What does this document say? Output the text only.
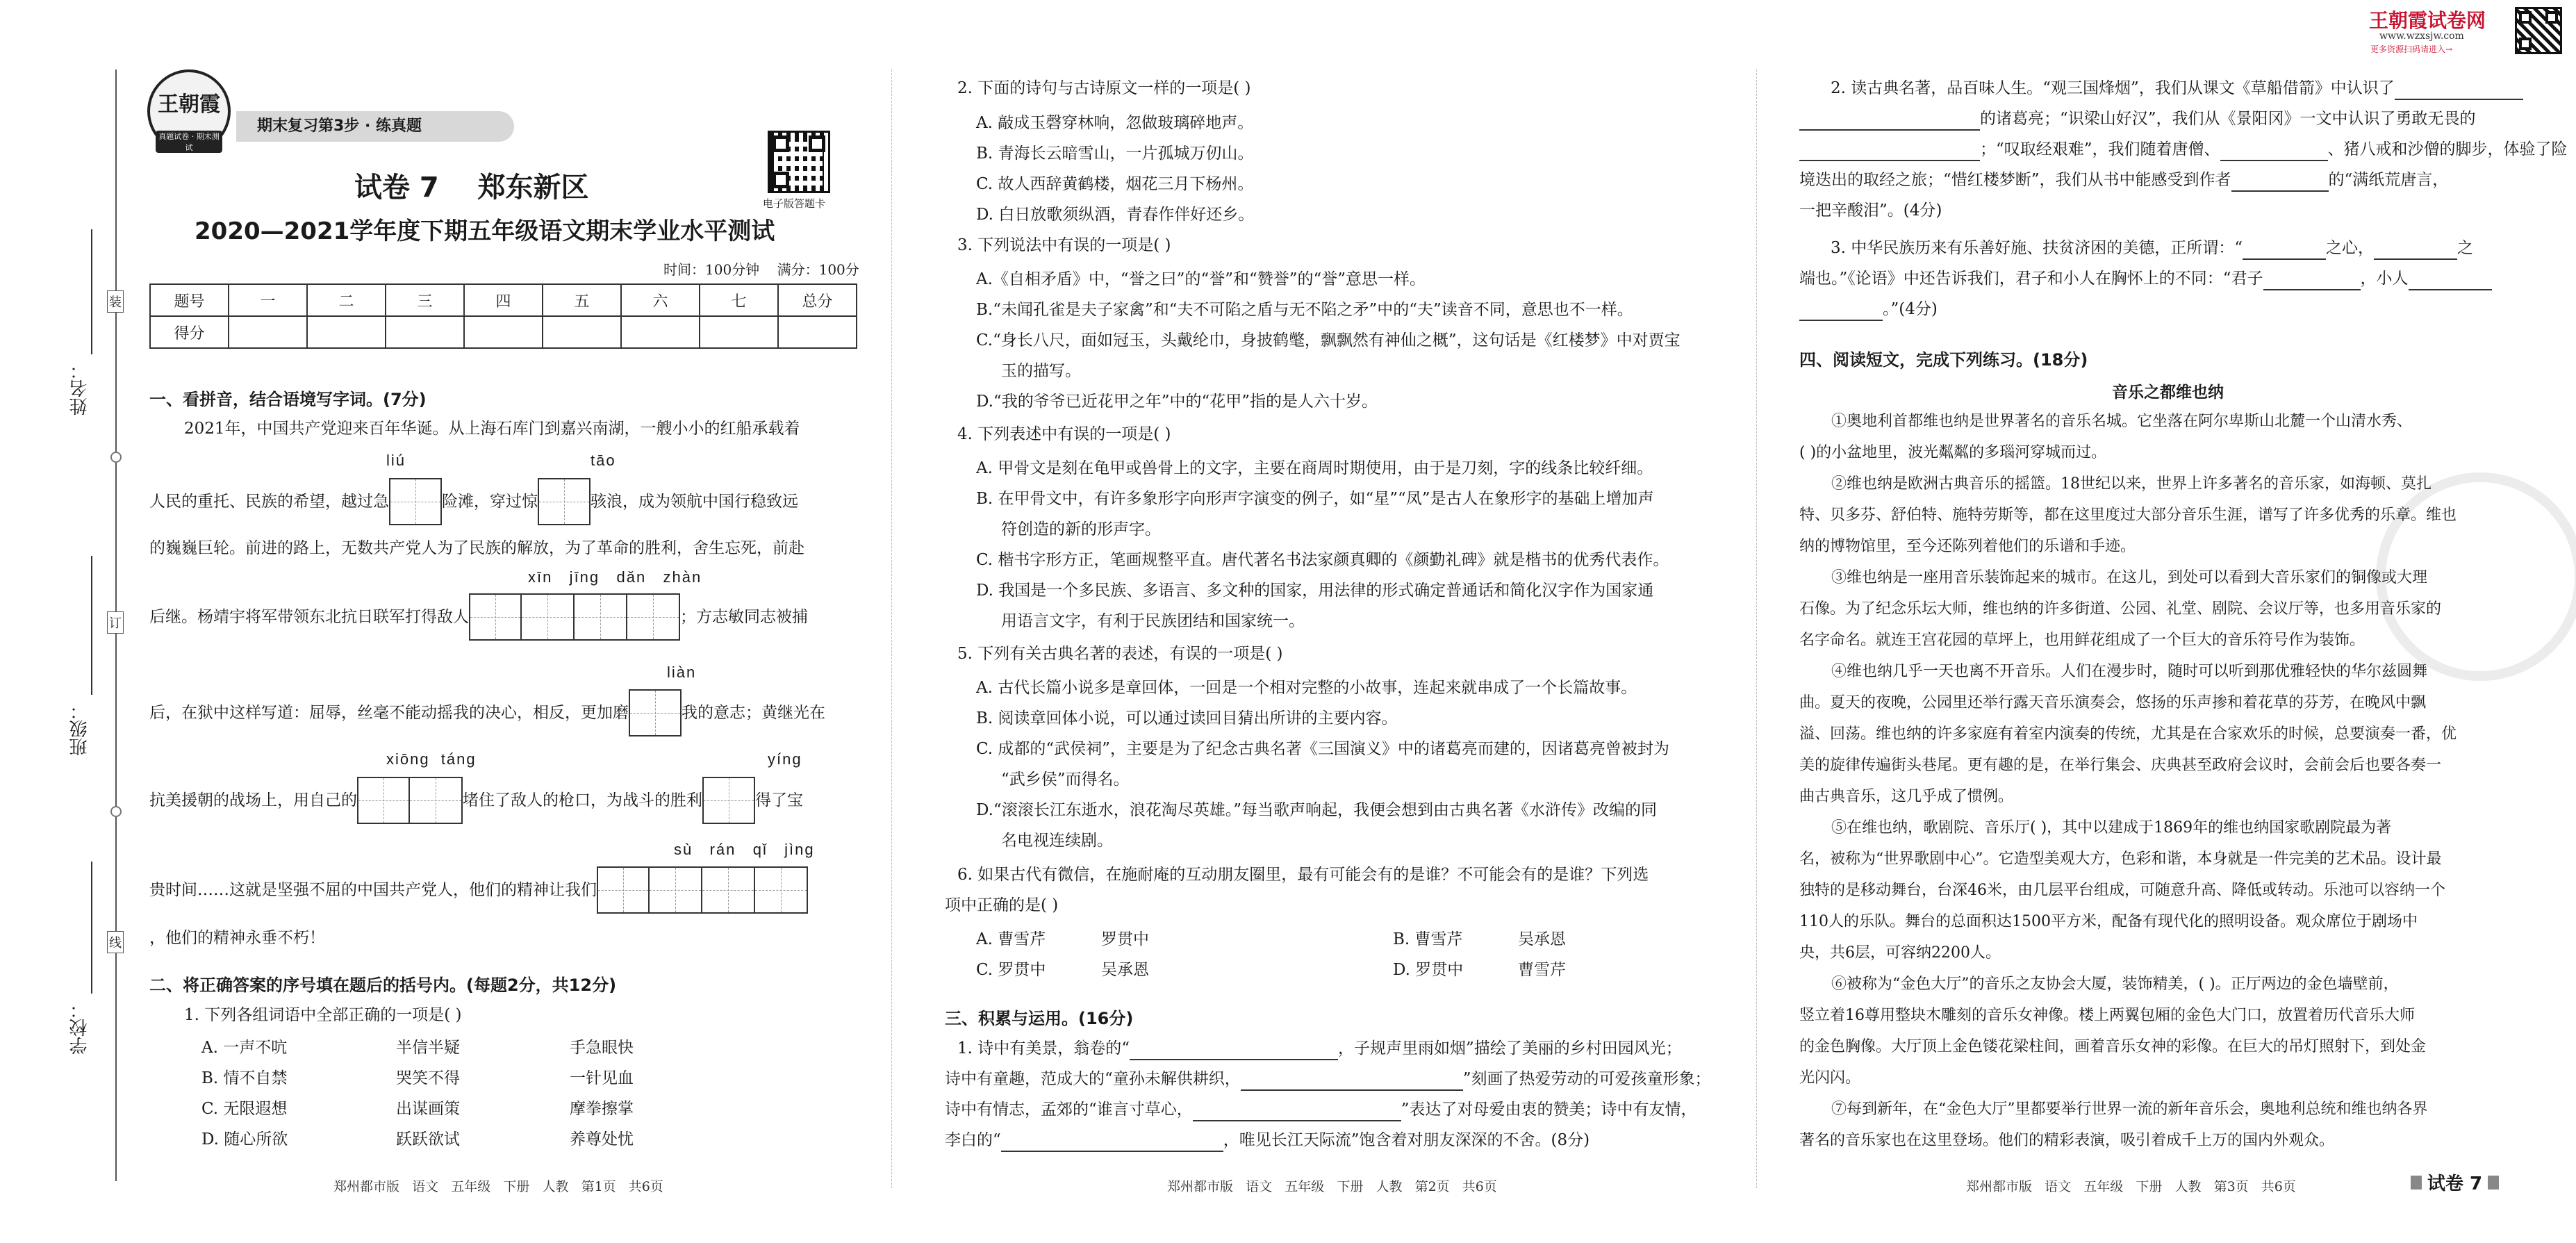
姓名：
班级：
学校：
装
订
线
王朝霞
真题试卷 · 期末测试
期末复习第3步 · 练真题
电子版答题卡
试卷 7    郑东新区
2020—2021学年度下期五年级语文期末学业水平测试
时间：100分钟    满分：100分
题号	一	二	三	四	五	六	七	总分
得分								
一、看拼音，结合语境写字词。(7分)
2021年，中国共产党迎来百年华诞。从上海石库门到嘉兴南湖，一艘小小的红船承载着
liú	tāo
人民的重托、民族的希望，越过急	险滩，穿过惊	骇浪，成为领航中国行稳致远
的巍巍巨轮。前进的路上，无数共产党人为了民族的解放，为了革命的胜利，舍生忘死，前赴
xīn   jīng   dǎn   zhàn
后继。杨靖宇将军带领东北抗日联军打得敌人	；方志敏同志被捕
liàn
后，在狱中这样写道：屈辱，丝毫不能动摇我的决心，相反，更加磨	我的意志；黄继光在
xiōng  táng	yíng
抗美援朝的战场上，用自己的	堵住了敌人的枪口，为战斗的胜利	得了宝
sù   rán   qǐ   jìng
贵时间……这就是坚强不屈的中国共产党人，他们的精神让我们
，他们的精神永垂不朽！
二、将正确答案的序号填在题后的括号内。(每题2分，共12分)
1. 下列各组词语中全部正确的一项是( )
A. 一声不吭	半信半疑	手急眼快
B. 情不自禁	哭笑不得	一针见血
C. 无限遐想	出谋画策	摩拳擦掌
D. 随心所欲	跃跃欲试	养尊处忧
郑州都市版   语文   五年级   下册   人教   第1页   共6页
2. 下面的诗句与古诗原文一样的一项是( )
A. 敲成玉磬穿林响，忽做玻璃碎地声。
B. 青海长云暗雪山，一片孤城万仞山。
C. 故人西辞黄鹤楼，烟花三月下杨州。
D. 白日放歌须纵酒，青春作伴好还乡。
3. 下列说法中有误的一项是( )
A.《自相矛盾》中，“誉之曰”的“誉”和“赞誉”的“誉”意思一样。
B.“未闻孔雀是夫子家禽”和“夫不可陷之盾与无不陷之矛”中的“夫”读音不同，意思也不一样。
C.“身长八尺，面如冠玉，头戴纶巾，身披鹤氅，飘飘然有神仙之概”，这句话是《红楼梦》中对贾宝
玉的描写。
D.“我的爷爷已近花甲之年”中的“花甲”指的是人六十岁。
4. 下列表述中有误的一项是( )
A. 甲骨文是刻在龟甲或兽骨上的文字，主要在商周时期使用，由于是刀刻，字的线条比较纤细。
B. 在甲骨文中，有许多象形字向形声字演变的例子，如“星”“凤”是古人在象形字的基础上增加声
符创造的新的形声字。
C. 楷书字形方正，笔画规整平直。唐代著名书法家颜真卿的《颜勤礼碑》就是楷书的优秀代表作。
D. 我国是一个多民族、多语言、多文种的国家，用法律的形式确定普通话和简化汉字作为国家通
用语言文字，有利于民族团结和国家统一。
5. 下列有关古典名著的表述，有误的一项是( )
A. 古代长篇小说多是章回体，一回是一个相对完整的小故事，连起来就串成了一个长篇故事。
B. 阅读章回体小说，可以通过读回目猜出所讲的主要内容。
C. 成都的“武侯祠”，主要是为了纪念古典名著《三国演义》中的诸葛亮而建的，因诸葛亮曾被封为
“武乡侯”而得名。
D.“滚滚长江东逝水，浪花淘尽英雄。”每当歌声响起，我便会想到由古典名著《水浒传》改编的同
名电视连续剧。
6. 如果古代有微信，在施耐庵的互动朋友圈里，最有可能会有的是谁？不可能会有的是谁？下列选
项中正确的是( )
A. 曹雪芹	罗贯中	B. 曹雪芹	吴承恩
C. 罗贯中	吴承恩	D. 罗贯中	曹雪芹
三、积累与运用。(16分)
1. 诗中有美景，翁卷的“	，子规声里雨如烟”描绘了美丽的乡村田园风光；
诗中有童趣，范成大的“童孙未解供耕织，	”刻画了热爱劳动的可爱孩童形象；
诗中有情志，孟郊的“谁言寸草心，	”表达了对母爱由衷的赞美；诗中有友情，
李白的“	，唯见长江天际流”饱含着对朋友深深的不舍。(8分)
郑州都市版   语文   五年级   下册   人教   第2页   共6页
王朝霞试卷网
www.wzxsjw.com
更多资源扫码请进入→
2. 读古典名著，品百味人生。“观三国烽烟”，我们从课文《草船借箭》中认识了
的诸葛亮；“识梁山好汉”，我们从《景阳冈》一文中认识了勇敢无畏的
；“叹取经艰难”，我们随着唐僧、	、猪八戒和沙僧的脚步，体验了险
境迭出的取经之旅；“惜红楼梦断”，我们从书中能感受到作者	的“满纸荒唐言，
一把辛酸泪”。(4分)
3. 中华民族历来有乐善好施、扶贫济困的美德，正所谓：“	之心，	之
端也。”《论语》中还告诉我们，君子和小人在胸怀上的不同：“君子	，小人
。”(4分)
四、阅读短文，完成下列练习。(18分)
音乐之都维也纳
①奥地利首都维也纳是世界著名的音乐名城。它坐落在阿尔卑斯山北麓一个山清水秀、
( )的小盆地里，波光粼粼的多瑙河穿城而过。
②维也纳是欧洲古典音乐的摇篮。18世纪以来，世界上许多著名的音乐家，如海顿、莫扎
特、贝多芬、舒伯特、施特劳斯等，都在这里度过大部分音乐生涯，谱写了许多优秀的乐章。维也
纳的博物馆里，至今还陈列着他们的乐谱和手迹。
③维也纳是一座用音乐装饰起来的城市。在这儿，到处可以看到大音乐家们的铜像或大理
石像。为了纪念乐坛大师，维也纳的许多街道、公园、礼堂、剧院、会议厅等，也多用音乐家的
名字命名。就连王宫花园的草坪上，也用鲜花组成了一个巨大的音乐符号作为装饰。
④维也纳几乎一天也离不开音乐。人们在漫步时，随时可以听到那优雅轻快的华尔兹圆舞
曲。夏天的夜晚，公园里还举行露天音乐演奏会，悠扬的乐声掺和着花草的芬芳，在晚风中飘
溢、回荡。维也纳的许多家庭有着室内演奏的传统，尤其是在合家欢乐的时候，总要演奏一番，优
美的旋律传遍街头巷尾。更有趣的是，在举行集会、庆典甚至政府会议时，会前会后也要各奏一
曲古典音乐，这几乎成了惯例。
⑤在维也纳，歌剧院、音乐厅( )，其中以建成于1869年的维也纳国家歌剧院最为著
名，被称为“世界歌剧中心”。它造型美观大方，色彩和谐，本身就是一件完美的艺术品。设计最
独特的是移动舞台，台深46米，由几层平台组成，可随意升高、降低或转动。乐池可以容纳一个
110人的乐队。舞台的总面积达1500平方米，配备有现代化的照明设备。观众席位于剧场中
央，共6层，可容纳2200人。
⑥被称为“金色大厅”的音乐之友协会大厦，装饰精美，( )。正厅两边的金色墙壁前，
竖立着16尊用整块木雕刻的音乐女神像。楼上两翼包厢的金色大门口，放置着历代音乐大师
的金色胸像。大厅顶上金色镂花梁柱间，画着音乐女神的彩像。在巨大的吊灯照射下，到处金
光闪闪。
⑦每到新年，在“金色大厅”里都要举行世界一流的新年音乐会，奥地利总统和维也纳各界
著名的音乐家也在这里登场。他们的精彩表演，吸引着成千上万的国内外观众。
郑州都市版   语文   五年级   下册   人教   第3页   共6页	试卷 7
